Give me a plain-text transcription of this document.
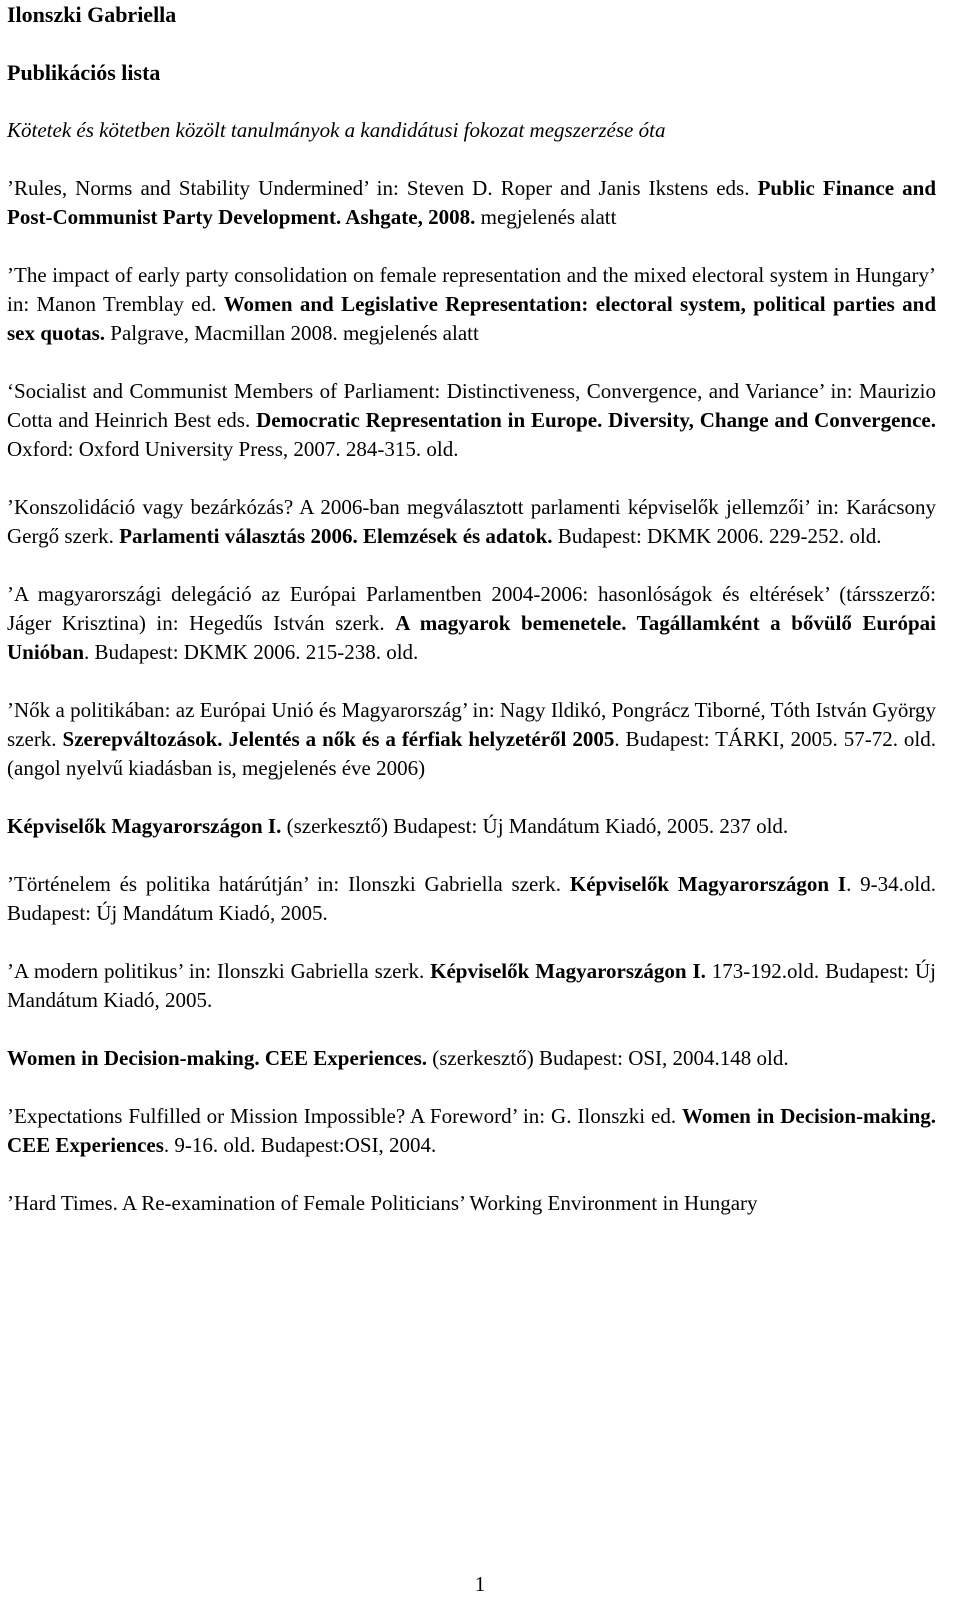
Ilonszki Gabriella

Publikációs lista

Kötetek és kötetben közölt tanulmányok a kandidátusi fokozat megszerzése óta

’Rules, Norms and Stability Undermined’ in: Steven D. Roper and Janis Ikstens eds. Public Finance and Post-Communist Party Development. Ashgate, 2008. megjelenés alatt

’The impact of early party consolidation on female representation and the mixed electoral system in Hungary’ in: Manon Tremblay ed. Women and Legislative Representation: electoral system, political parties and sex quotas. Palgrave, Macmillan 2008. megjelenés alatt

‘Socialist and Communist Members of Parliament: Distinctiveness, Convergence, and Variance’ in: Maurizio Cotta and Heinrich Best eds. Democratic Representation in Europe. Diversity, Change and Convergence. Oxford: Oxford University Press, 2007. 284-315. old.

’Konszolidáció vagy bezárkózás? A 2006-ban megválasztott parlamenti képviselők jellemzői’ in: Karácsony Gergő szerk. Parlamenti választás 2006. Elemzések és adatok. Budapest: DKMK 2006. 229-252. old.

’A magyarországi delegáció az Európai Parlamentben 2004-2006: hasonlóságok és eltérések’ (társszerző: Jáger Krisztina) in: Hegedűs István szerk. A magyarok bemenetele. Tagállamként a bővülő Európai Unióban. Budapest: DKMK 2006. 215-238. old.

’Nők a politikában: az Európai Unió és Magyarország’ in: Nagy Ildikó, Pongrácz Tiborné, Tóth István György szerk. Szerepváltozások. Jelentés a nők és a férfiak helyzetéről 2005. Budapest: TÁRKI, 2005. 57-72. old.(angol nyelvű kiadásban is, megjelenés éve 2006)

Képviselők Magyarországon I. (szerkesztő) Budapest: Új Mandátum Kiadó, 2005. 237 old.

’Történelem és politika határútján’ in: Ilonszki Gabriella szerk. Képviselők Magyarországon I. 9-34.old. Budapest: Új Mandátum Kiadó, 2005.

’A modern politikus’ in: Ilonszki Gabriella szerk. Képviselők Magyarországon I. 173-192.old. Budapest: Új Mandátum Kiadó, 2005.

Women in Decision-making. CEE Experiences. (szerkesztő) Budapest: OSI, 2004.148 old.

’Expectations Fulfilled or Mission Impossible? A Foreword’ in: G. Ilonszki ed. Women in Decision-making. CEE Experiences. 9-16. old. Budapest:OSI, 2004.

’Hard Times. A Re-examination of Female Politicians’ Working Environment in Hungary

1
